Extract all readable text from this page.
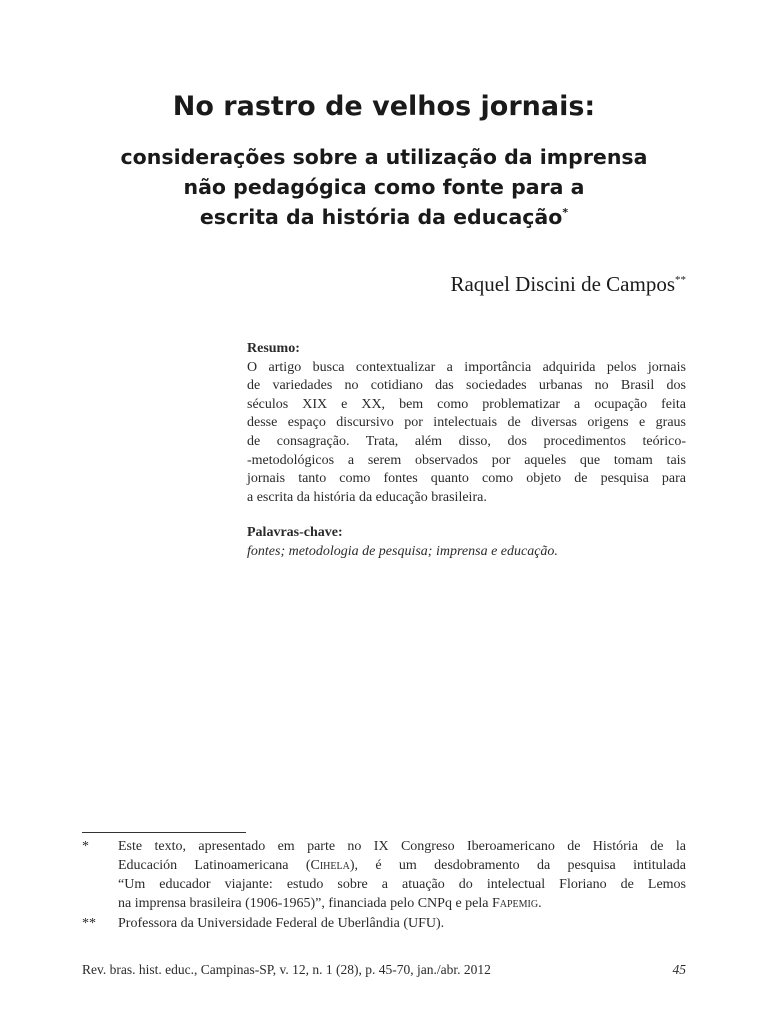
No rastro de velhos jornais:
considerações sobre a utilização da imprensa
não pedagógica como fonte para a
escrita da história da educação*
Raquel Discini de Campos**
Resumo:
O artigo busca contextualizar a importância adquirida pelos jornais
de variedades no cotidiano das sociedades urbanas no Brasil dos
séculos XIX e XX, bem como problematizar a ocupação feita
desse espaço discursivo por intelectuais de diversas origens e graus
de consagração. Trata, além disso, dos procedimentos teórico-
-metodológicos a serem observados por aqueles que tomam tais
jornais tanto como fontes quanto como objeto de pesquisa para
a escrita da história da educação brasileira.
Palavras-chave:
fontes; metodologia de pesquisa; imprensa e educação.
* Este texto, apresentado em parte no IX Congreso Iberoamericano de História de la
Educación Latinoamericana (Cihela), é um desdobramento da pesquisa intitulada
“Um educador viajante: estudo sobre a atuação do intelectual Floriano de Lemos
na imprensa brasileira (1906-1965)”, financiada pelo CNPq e pela Fapemig.
** Professora da Universidade Federal de Uberlândia (UFU).
Rev. bras. hist. educ., Campinas-SP, v. 12, n. 1 (28), p. 45-70, jan./abr. 2012	45
